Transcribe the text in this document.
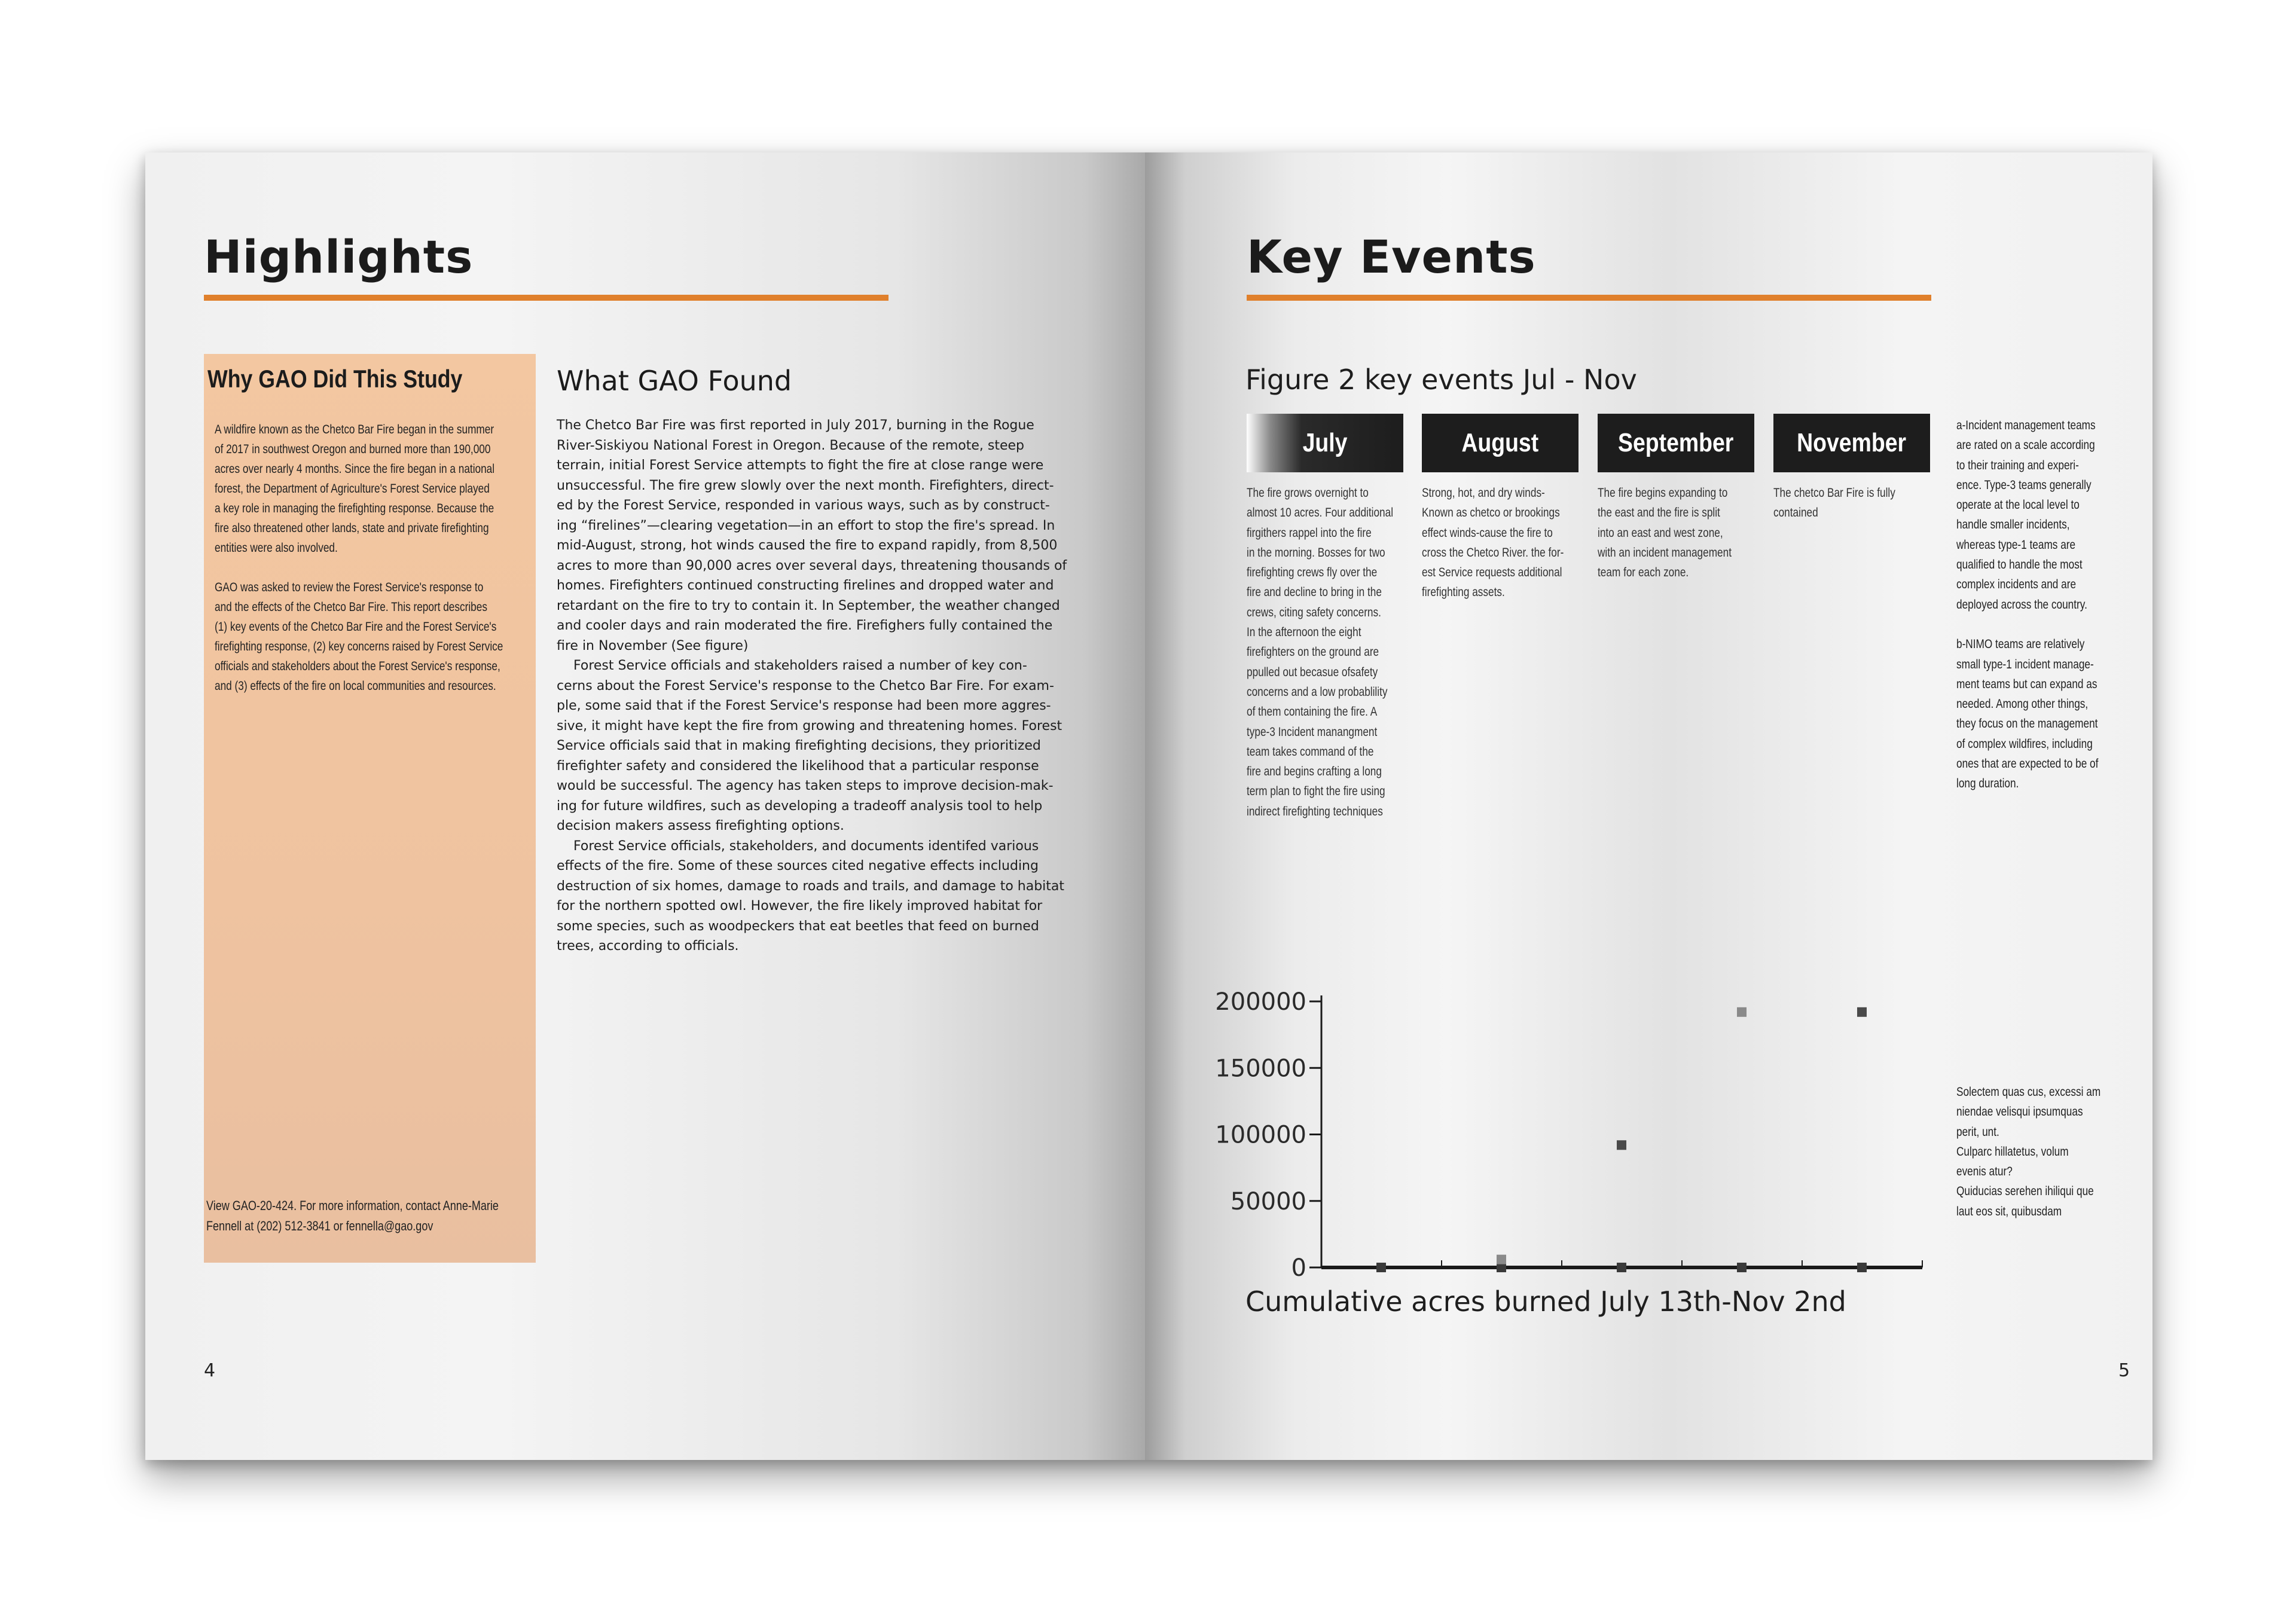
Highlights
Why GAO Did This Study

A wildfire known as the Chetco Bar Fire began in the summer
of 2017 in southwest Oregon and burned more than 190,000
acres over nearly 4 months. Since the fire began in a national
forest, the Department of Agriculture's Forest Service played
a key role in managing the firefighting response. Because the
fire also threatened other lands, state and private firefighting
entities were also involved.

GAO was asked to review the Forest Service's response to
and the effects of the Chetco Bar Fire. This report describes
(1) key events of the Chetco Bar Fire and the Forest Service's
firefighting response, (2) key concerns raised by Forest Service
officials and stakeholders about the Forest Service's response,
and (3) effects of the fire on local communities and resources.

View GAO-20-424. For more information, contact Anne-Marie Fennell at (202) 512-3841 or fennella@gao.gov

What GAO Found

The Chetco Bar Fire was first reported in July 2017, burning in the Rogue
River-Siskiyou National Forest in Oregon. Because of the remote, steep
terrain, initial Forest Service attempts to fight the fire at close range were
unsuccessful. The fire grew slowly over the next month. Firefighters, direct-
ed by the Forest Service, responded in various ways, such as by construct-
ing “firelines”—clearing vegetation—in an effort to stop the fire's spread. In
mid-August, strong, hot winds caused the fire to expand rapidly, from 8,500
acres to more than 90,000 acres over several days, threatening thousands of
homes. Firefighters continued constructing firelines and dropped water and
retardant on the fire to try to contain it. In September, the weather changed
and cooler days and rain moderated the fire. Firefighers fully contained the
fire in November (See figure)
Forest Service officials and stakeholders raised a number of key con-
cerns about the Forest Service's response to the Chetco Bar Fire. For exam-
ple, some said that if the Forest Service's response had been more aggres-
sive, it might have kept the fire from growing and threatening homes. Forest
Service officials said that in making firefighting decisions, they prioritized
firefighter safety and considered the likelihood that a particular response
would be successful. The agency has taken steps to improve decision-mak-
ing for future wildfires, such as developing a tradeoff analysis tool to help
decision makers assess firefighting options.
Forest Service officials, stakeholders, and documents identifed various
effects of the fire. Some of these sources cited negative effects including
destruction of six homes, damage to roads and trails, and damage to habitat
for the northern spotted owl. However, the fire likely improved habitat for
some species, such as woodpeckers that eat beetles that feed on burned
trees, according to officials.

4
Key Events
Figure 2 key events Jul - Nov
July	August	September November

The fire grows overnight to
almost 10 acres. Four additional
firgithers rappel into the fire
in the morning. Bosses for two
firefighting crews fly over the
fire and decline to bring in the
crews, citing safety concerns.
In the afternoon the eight
firefighters on the ground are
ppulled out becasue ofsafety
concerns and a low probablility
of them containing the fire. A
type-3 Incident manangment
team takes command of the
fire and begins crafting a long
term plan to fight the fire using
indirect firefighting techniques

Strong, hot, and dry winds-
Known as chetco or brookings
effect winds-cause the fire to
cross the Chetco River. the for-
est Service requests additional
firefighting assets.

The fire begins expanding to
the east and the fire is split
into an east and west zone,
with an incident management
team for each zone.

The chetco Bar Fire is fully
contained

a-Incident management teams
are rated on a scale according
to their training and experi-
ence. Type-3 teams generally
operate at the local level to
handle smaller incidents,
whereas type-1 teams are
qualified to handle the most
complex incidents and are
deployed across the country.

b-NIMO teams are relatively
small type-1 incident manage-
ment teams but can expand as
needed. Among other things,
they focus on the management
of complex wildfires, including
ones that are expected to be of
long duration.

Solectem quas cus, excessi am
niendae velisqui ipsumquas
perit, unt.
Culparc hillatetus, volum
evenis atur?
Quiducias serehen ihiliqui que
laut eos sit, quibusdam

0
50000
100000
150000
200000
Cumulative acres burned July 13th-Nov 2nd
5
